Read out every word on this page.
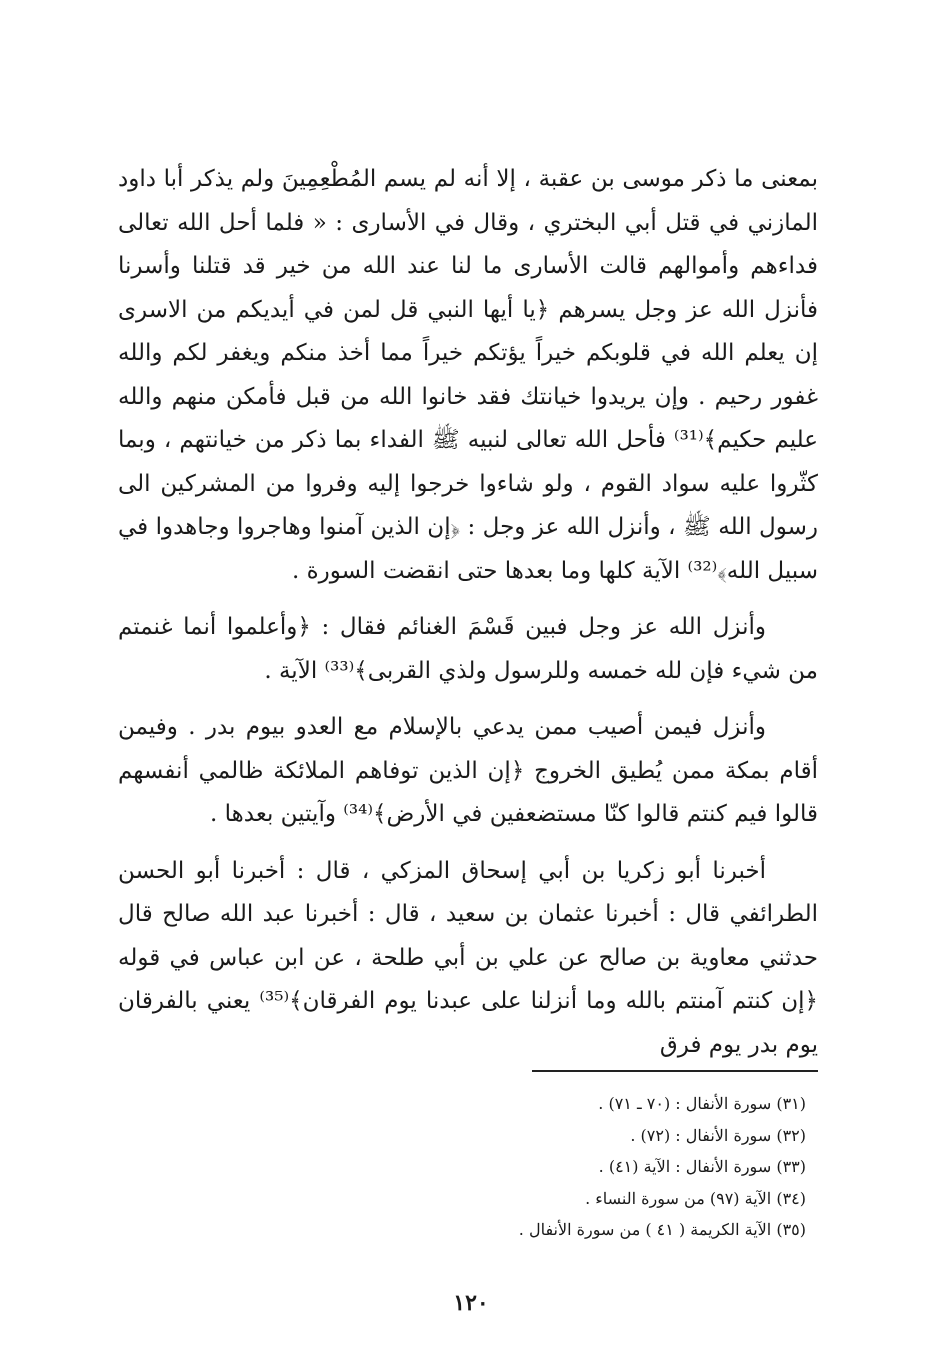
بمعنى ما ذكر موسى بن عقبة ، إلا أنه لم يسم المُطْعِمِينَ ولم يذكر أبا داود المازني في قتل أبي البختري ، وقال في الأسارى : « فلما أحل الله تعالى فداءهم وأموالهم قالت الأسارى ما لنا عند الله من خير قد قتلنا وأسرنا فأنزل الله عز وجل يسرهم ﴿يا أيها النبي قل لمن في أيديكم من الاسرى إن يعلم الله في قلوبكم خيراً يؤتكم خيراً مما أخذ منكم ويغفر لكم والله غفور رحيم . وإن يريدوا خيانتك فقد خانوا الله من قبل فأمكن منهم والله عليم حكيم﴾⁽³¹⁾ فأحل الله تعالى لنبيه ﷺ الفداء بما ذكر من خيانتهم ، وبما كثّروا عليه سواد القوم ، ولو شاءوا خرجوا إليه وفروا من المشركين الى رسول الله ﷺ ، وأنزل الله عز وجل : ﴿إن الذين آمنوا وهاجروا وجاهدوا في سبيل الله﴾⁽³²⁾ الآية كلها وما بعدها حتى انقضت السورة .

وأنزل الله عز وجل فبين قَسْمَ الغنائم فقال : ﴿وأعلموا أنما غنمتم من شيء فإن لله خمسه وللرسول ولذي القربى﴾⁽³³⁾ الآية .

وأنزل فيمن أصيب ممن يدعي بالإسلام مع العدو بيوم بدر . وفيمن أقام بمكة ممن يُطيق الخروج ﴿إن الذين توفاهم الملائكة ظالمي أنفسهم قالوا فيم كنتم قالوا كنّا مستضعفين في الأرض﴾⁽³⁴⁾ وآيتين بعدها .

أخبرنا أبو زكريا بن أبي إسحاق المزكي ، قال : أخبرنا أبو الحسن الطرائفي قال : أخبرنا عثمان بن سعيد ، قال : أخبرنا عبد الله صالح قال حدثني معاوية بن صالح عن علي بن أبي طلحة ، عن ابن عباس في قوله ﴿إن كنتم آمنتم بالله وما أنزلنا على عبدنا يوم الفرقان﴾⁽³⁵⁾ يعني بالفرقان يوم بدر يوم فرق

(٣١) سورة الأنفال : (٧٠ ـ ٧١) .
(٣٢) سورة الأنفال : (٧٢) .
(٣٣) سورة الأنفال : الآية (٤١) .
(٣٤) الآية (٩٧) من سورة النساء .
(٣٥) الآية الكريمة ( ٤١ ) من سورة الأنفال .
١٢٠
